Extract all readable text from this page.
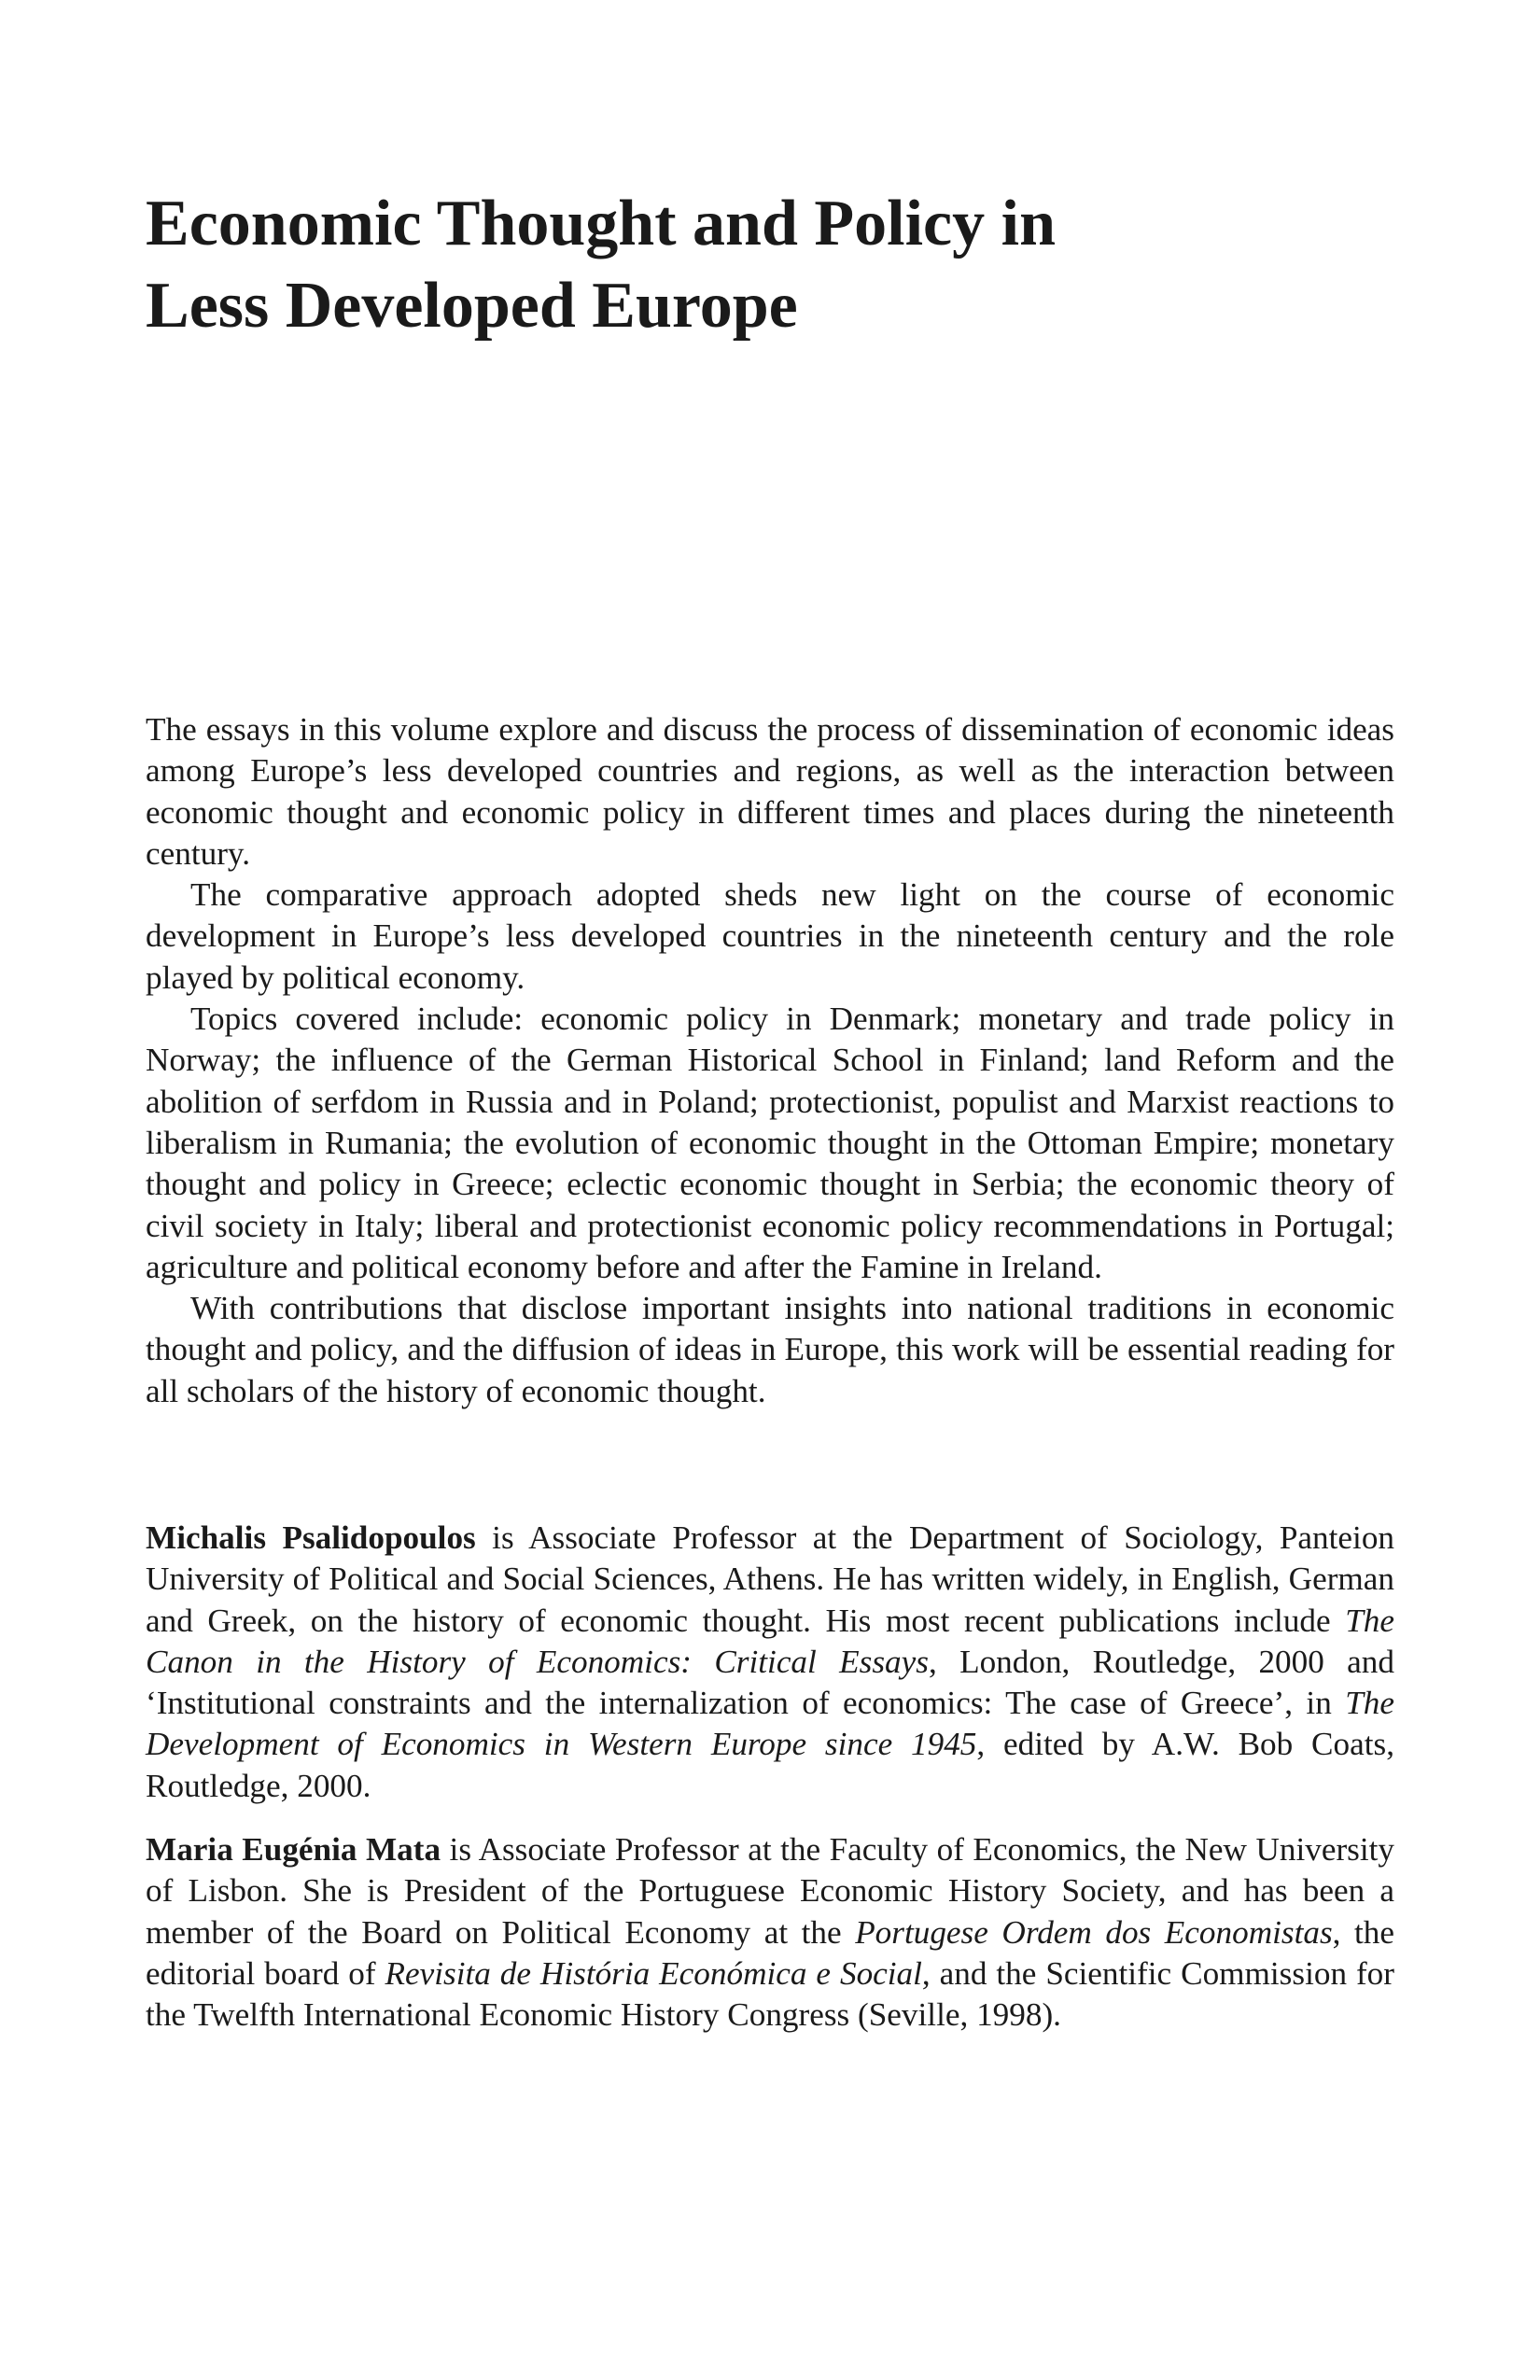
Economic Thought and Policy in
Less Developed Europe

The essays in this volume explore and discuss the process of dissemination of economic ideas among Europe’s less developed countries and regions, as well as the interaction between economic thought and economic policy in different times and places during the nineteenth century.

The comparative approach adopted sheds new light on the course of economic development in Europe’s less developed countries in the nineteenth century and the role played by political economy.

Topics covered include: economic policy in Denmark; monetary and trade policy in Norway; the influence of the German Historical School in Finland; land Reform and the abolition of serfdom in Russia and in Poland; protectionist, populist and Marxist reactions to liberalism in Rumania; the evolution of economic thought in the Ottoman Empire; monetary thought and policy in Greece; eclectic economic thought in Serbia; the economic theory of civil society in Italy; liberal and protectionist economic policy recommendations in Portugal; agriculture and political economy before and after the Famine in Ireland.

With contributions that disclose important insights into national traditions in economic thought and policy, and the diffusion of ideas in Europe, this work will be essential reading for all scholars of the history of economic thought.

Michalis Psalidopoulos is Associate Professor at the Department of Sociology, Panteion University of Political and Social Sciences, Athens. He has written widely, in English, German and Greek, on the history of economic thought. His most recent publications include The Canon in the History of Economics: Critical Essays, London, Routledge, 2000 and ‘Institutional constraints and the internalization of economics: The case of Greece’, in The Development of Economics in Western Europe since 1945, edited by A.W. Bob Coats, Routledge, 2000.

Maria Eugénia Mata is Associate Professor at the Faculty of Economics, the New University of Lisbon. She is President of the Portuguese Economic History Society, and has been a member of the Board on Political Economy at the Portugese Ordem dos Economistas, the editorial board of Revisita de História Económica e Social, and the Scientific Commission for the Twelfth International Economic History Congress (Seville, 1998).
